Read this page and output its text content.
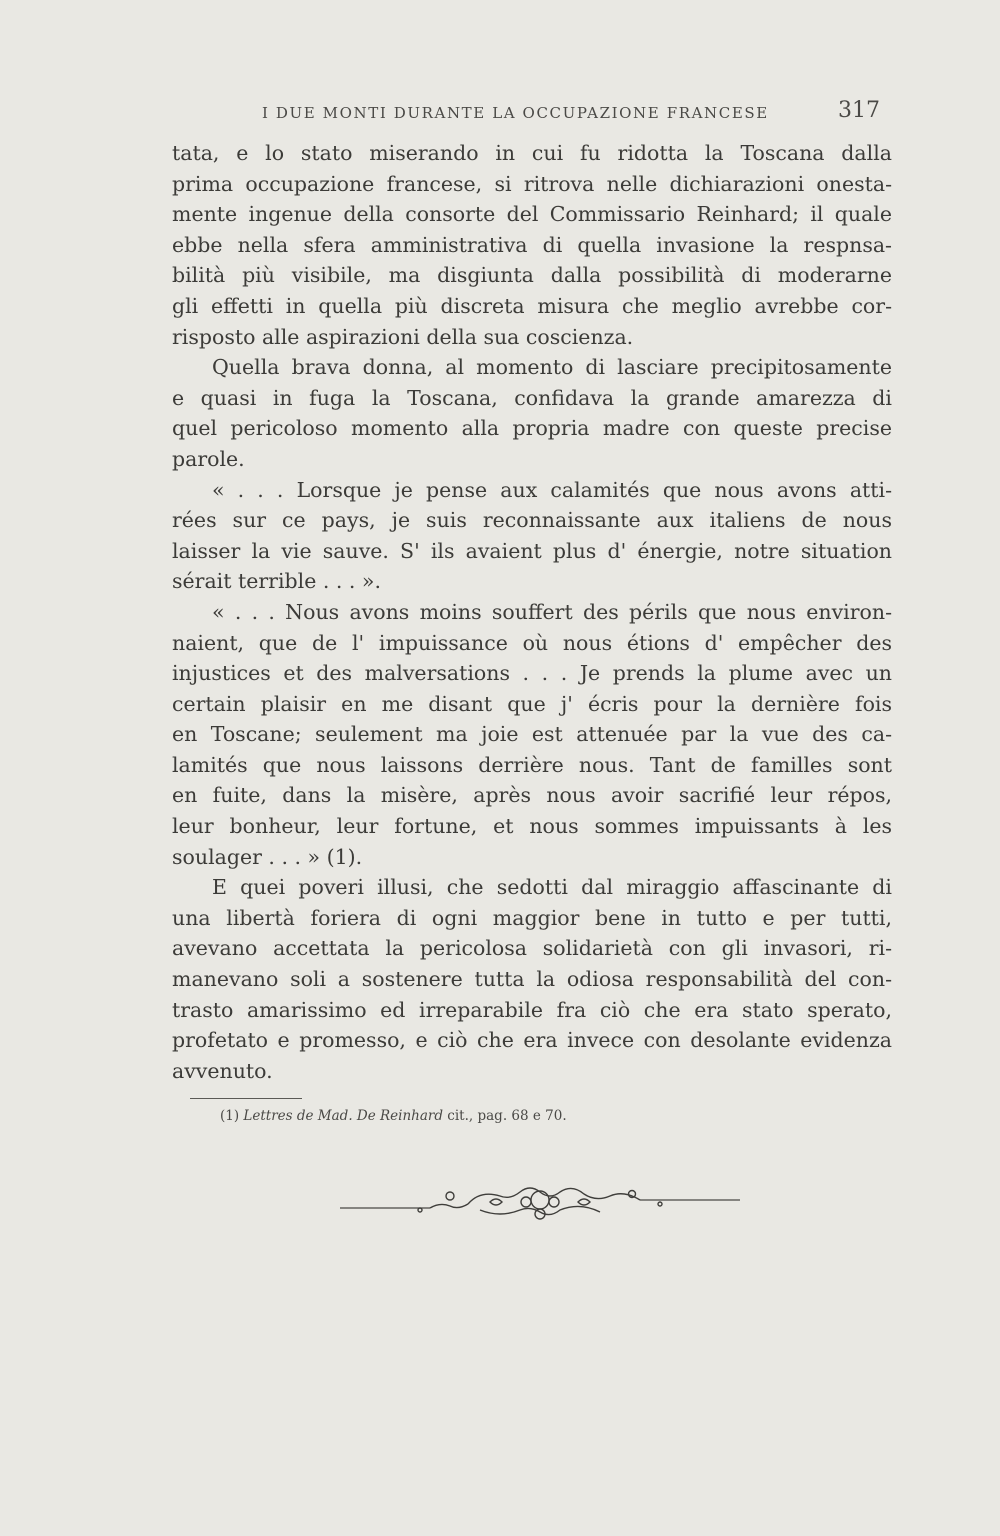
I DUE MONTI DURANTE LA OCCUPAZIONE FRANCESE	317
tata, e lo stato miserando in cui fu ridotta la Toscana dalla
prima occupazione francese, si ritrova nelle dichiarazioni onesta-
mente ingenue della consorte del Commissario Reinhard; il quale
ebbe nella sfera amministrativa di quella invasione la respnsa-
bilità più visibile, ma disgiunta dalla possibilità di moderarne
gli effetti in quella più discreta misura che meglio avrebbe cor-
risposto alle aspirazioni della sua coscienza.
Quella brava donna, al momento di lasciare precipitosamente
e quasi in fuga la Toscana, confidava la grande amarezza di
quel pericoloso momento alla propria madre con queste precise
parole.
« . . . Lorsque je pense aux calamités que nous avons atti-
rées sur ce pays, je suis reconnaissante aux italiens de nous
laisser la vie sauve. S' ils avaient plus d' énergie, notre situation
sérait terrible . . . ».
« . . . Nous avons moins souffert des périls que nous environ-
naient, que de l' impuissance où nous étions d' empêcher des
injustices et des malversations . . . Je prends la plume avec un
certain plaisir en me disant que j' écris pour la dernière fois
en Toscane; seulement ma joie est attenuée par la vue des ca-
lamités que nous laissons derrière nous. Tant de familles sont
en fuite, dans la misère, après nous avoir sacrifié leur répos,
leur bonheur, leur fortune, et nous sommes impuissants à les
soulager . . . » (1).
E quei poveri illusi, che sedotti dal miraggio affascinante di
una libertà foriera di ogni maggior bene in tutto e per tutti,
avevano accettata la pericolosa solidarietà con gli invasori, ri-
manevano soli a sostenere tutta la odiosa responsabilità del con-
trasto amarissimo ed irreparabile fra ciò che era stato sperato,
profetato e promesso, e ciò che era invece con desolante evidenza
avvenuto.
(1) Lettres de Mad. De Reinhard cit., pag. 68 e 70.
